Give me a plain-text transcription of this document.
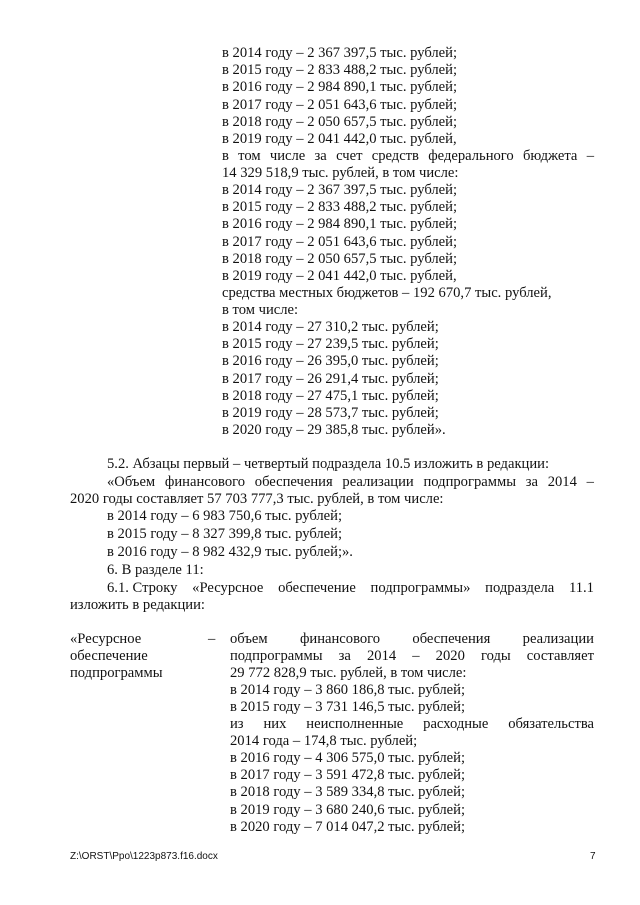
в 2014 году – 2 367 397,5 тыс. рублей;
в 2015 году – 2 833 488,2 тыс. рублей;
в 2016 году – 2 984 890,1 тыс. рублей;
в 2017 году – 2 051 643,6 тыс. рублей;
в 2018 году – 2 050 657,5 тыс. рублей;
в 2019 году – 2 041 442,0 тыс. рублей,
в том числе за счет средств федерального бюджета –
14 329 518,9 тыс. рублей, в том числе:
в 2014 году – 2 367 397,5 тыс. рублей;
в 2015 году – 2 833 488,2 тыс. рублей;
в 2016 году – 2 984 890,1 тыс. рублей;
в 2017 году – 2 051 643,6 тыс. рублей;
в 2018 году – 2 050 657,5 тыс. рублей;
в 2019 году – 2 041 442,0 тыс. рублей,
средства местных бюджетов – 192 670,7 тыс. рублей,
в том числе:
в 2014 году – 27 310,2 тыс. рублей;
в 2015 году – 27 239,5 тыс. рублей;
в 2016 году – 26 395,0 тыс. рублей;
в 2017 году – 26 291,4 тыс. рублей;
в 2018 году – 27 475,1 тыс. рублей;
в 2019 году – 28 573,7 тыс. рублей;
в 2020 году – 29 385,8 тыс. рублей».
5.2. Абзацы первый – четвертый подраздела 10.5 изложить в редакции:
«Объем финансового обеспечения реализации подпрограммы за 2014 –
2020 годы составляет 57 703 777,3 тыс. рублей, в том числе:
в 2014 году – 6 983 750,6 тыс. рублей;
в 2015 году – 8 327 399,8 тыс. рублей;
в 2016 году – 8 982 432,9 тыс. рублей;».
6. В разделе 11:
6.1. Строку «Ресурсное обеспечение подпрограммы» подраздела 11.1
изложить в редакции:
«Ресурсное
обеспечение
подпрограммы
– объем финансового обеспечения реализации
подпрограммы за 2014 – 2020 годы составляет
29 772 828,9 тыс. рублей, в том числе:
в 2014 году – 3 860 186,8 тыс. рублей;
в 2015 году – 3 731 146,5 тыс. рублей;
из них неисполненные расходные обязательства
2014 года – 174,8 тыс. рублей;
в 2016 году – 4 306 575,0 тыс. рублей;
в 2017 году – 3 591 472,8 тыс. рублей;
в 2018 году – 3 589 334,8 тыс. рублей;
в 2019 году – 3 680 240,6 тыс. рублей;
в 2020 году – 7 014 047,2 тыс. рублей;
Z:\ORST\Ppo\1223p873.f16.docx	7
